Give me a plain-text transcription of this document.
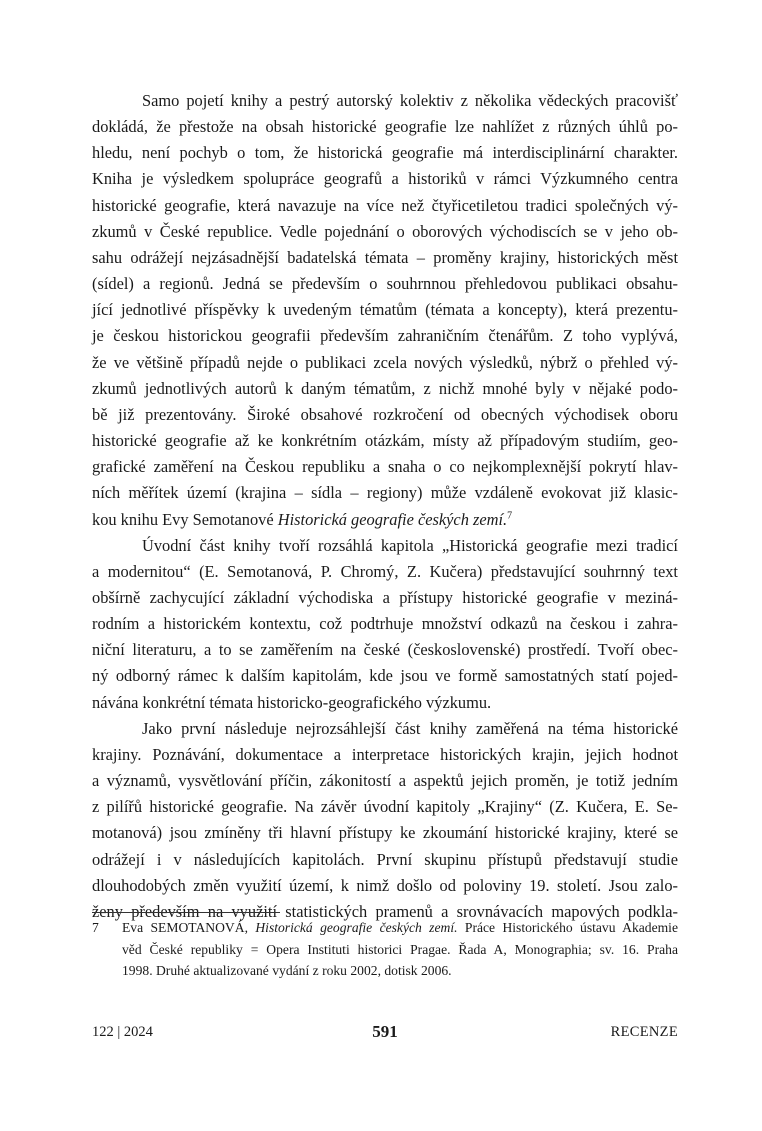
Samo pojetí knihy a pestrý autorský kolektiv z několika vědeckých pracovišť
dokládá, že přestože na obsah historické geografie lze nahlížet z různých úhlů po-
hledu, není pochyb o tom, že historická geografie má interdisciplinární charakter.
Kniha je výsledkem spolupráce geografů a historiků v rámci Výzkumného centra
historické geografie, která navazuje na více než čtyřicetiletou tradici společných vý-
zkumů v České republice. Vedle pojednání o oborových východiscích se v jeho ob-
sahu odrážejí nejzásadnější badatelská témata – proměny krajiny, historických měst
(sídel) a regionů. Jedná se především o souhrnnou přehledovou publikaci obsahu-
jící jednotlivé příspěvky k uvedeným tématům (témata a koncepty), která prezentu-
je českou historickou geografii především zahraničním čtenářům. Z toho vyplývá,
že ve většině případů nejde o publikaci zcela nových výsledků, nýbrž o přehled vý-
zkumů jednotlivých autorů k daným tématům, z nichž mnohé byly v nějaké podo-
bě již prezentovány. Široké obsahové rozkročení od obecných východisek oboru
historické geografie až ke konkrétním otázkám, místy až případovým studiím, geo-
grafické zaměření na Českou republiku a snaha o co nejkomplexnější pokrytí hlav-
ních měřítek území (krajina – sídla – regiony) může vzdáleně evokovat již klasic-
kou knihu Evy Semotanové Historická geografie českých zemí.$^7$
Úvodní část knihy tvoří rozsáhlá kapitola „Historická geografie mezi tradicí
a modernitou“ (E. Semotanová, P. Chromý, Z. Kučera) představující souhrnný text
obšírně zachycující základní východiska a přístupy historické geografie v meziná-
rodním a historickém kontextu, což podtrhuje množství odkazů na českou i zahra-
niční literaturu, a to se zaměřením na české (československé) prostředí. Tvoří obec-
ný odborný rámec k dalším kapitolám, kde jsou ve formě samostatných statí pojed-
návána konkrétní témata historicko-geografického výzkumu.
Jako první následuje nejrozsáhlejší část knihy zaměřená na téma historické
krajiny. Poznávání, dokumentace a interpretace historických krajin, jejich hodnot
a významů, vysvětlování příčin, zákonitostí a aspektů jejich proměn, je totiž jedním
z pilířů historické geografie. Na závěr úvodní kapitoly „Krajiny“ (Z. Kučera, E. Se-
motanová) jsou zmíněny tři hlavní přístupy ke zkoumání historické krajiny, které se
odrážejí i v následujících kapitolách. První skupinu přístupů představují studie
dlouhodobých změn využití území, k nimž došlo od poloviny 19. století. Jsou zalo-
ženy především na využití statistických pramenů a srovnávacích mapových podkla-
7 Eva SEMOTANOVÁ, Historická geografie českých zemí. Práce Historického ústavu Akademie
věd České republiky = Opera Instituti historici Pragae. Řada A, Monographia; sv. 16. Praha
1998. Druhé aktualizované vydání z roku 2002, dotisk 2006.
122 | 2024	591	RECENZE
